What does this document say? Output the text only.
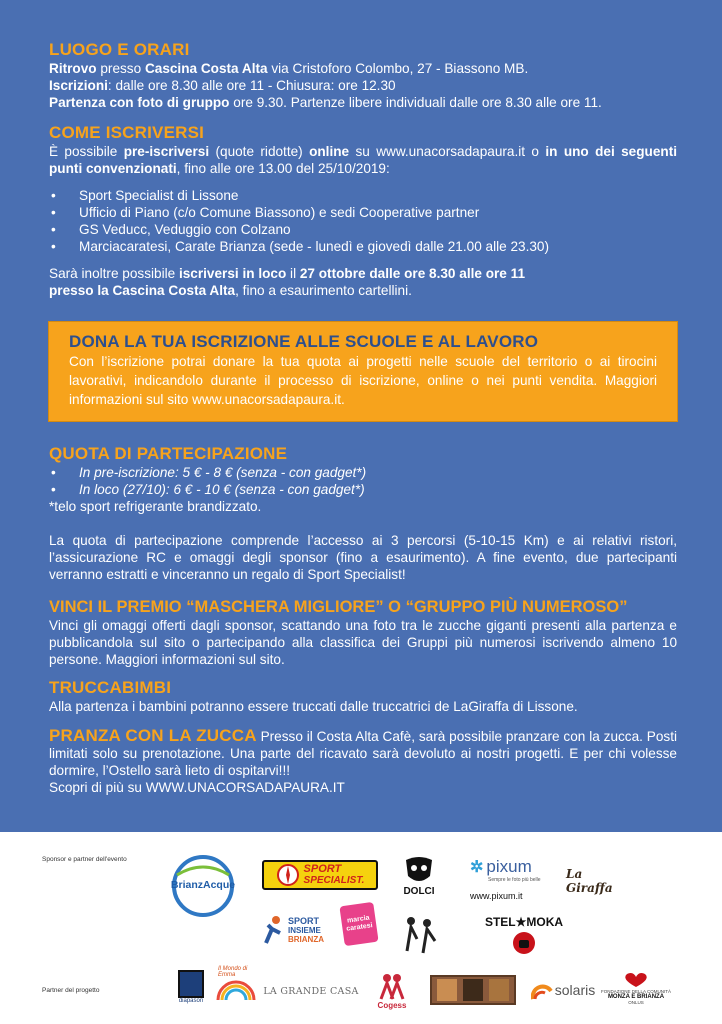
LUOGO E ORARI

Ritrovo presso Cascina Costa Alta via Cristoforo Colombo, 27 - Biassono MB.

Iscrizioni: dalle ore 8.30 alle ore 11 - Chiusura: ore 12.30

Partenza con foto di gruppo ore 9.30. Partenze libere individuali dalle ore 8.30 alle ore 11.

COME ISCRIVERSI

È possibile pre-iscriversi (quote ridotte) online su www.unacorsadapaura.it o in uno dei seguenti punti convenzionati, fino alle ore 13.00 del 25/10/2019:

• Sport Specialist di Lissone
• Ufficio di Piano (c/o Comune Biassono) e sedi Cooperative partner
• GS Veducc, Veduggio con Colzano
• Marciacaratesi, Carate Brianza (sede - lunedì e giovedì dalle 21.00 alle 23.30)

Sarà inoltre possibile iscriversi in loco il 27 ottobre dalle ore 8.30 alle ore 11
presso la Cascina Costa Alta, fino a esaurimento cartellini.

DONA LA TUA ISCRIZIONE ALLE SCUOLE E AL LAVORO

Con l’iscrizione potrai donare la tua quota ai progetti nelle scuole del territorio o ai tirocini lavorativi, indicandolo durante il processo di iscrizione, online o nei punti vendita. Maggiori informazioni sul sito www.unacorsadapaura.it.

QUOTA DI PARTECIPAZIONE
• In pre-iscrizione: 5 € - 8 € (senza - con gadget*)
• In loco (27/10): 6 € - 10 € (senza - con gadget*)

*telo sport refrigerante brandizzato.

La quota di partecipazione comprende l’accesso ai 3 percorsi (5-10-15 Km) e ai relativi ristori, l’assicurazione RC e omaggi degli sponsor (fino a esaurimento). A fine evento, due partecipanti verranno estratti e vinceranno un regalo di Sport Specialist!

VINCI IL PREMIO “MASCHERA MIGLIORE” O “GRUPPO PIÙ NUMEROSO”

Vinci gli omaggi offerti dagli sponsor, scattando una foto tra le zucche giganti presenti alla partenza e pubblicandola sul sito o partecipando alla classifica dei Gruppi più numerosi iscrivendo almeno 10 persone. Maggiori informazioni sul sito.

TRUCCABIMBI

Alla partenza i bambini potranno essere truccati dalle truccatrici de LaGiraffa di Lissone.

PRANZA CON LA ZUCCA Presso il Costa Alta Cafè, sarà possibile pranzare con la zucca. Posti limitati solo su prenotazione. Una parte del ricavato sarà devoluto ai nostri progetti. E per chi volesse dormire, l’Ostello sarà lieto di ospitarvi!!!

Scopri di più su WWW.UNACORSADAPAURA.IT

Sponsor e partner dell'evento
Partner del progetto
BrianzAcque
SPORT
SPECIALIST.
DOLCI
✲ pixum
Sempre le foto più belle
www.pixum.it
La Giraffa
SPORT
INSIEME
BRIANZA
marcia caratesi	STEL★MOKA
diapason
Il Mondo di Emma
LA GRANDE CASA
Cogess
solaris FONDAZIONE DELLA COMUNITÀ
MONZA E BRIANZA
ONLUS
